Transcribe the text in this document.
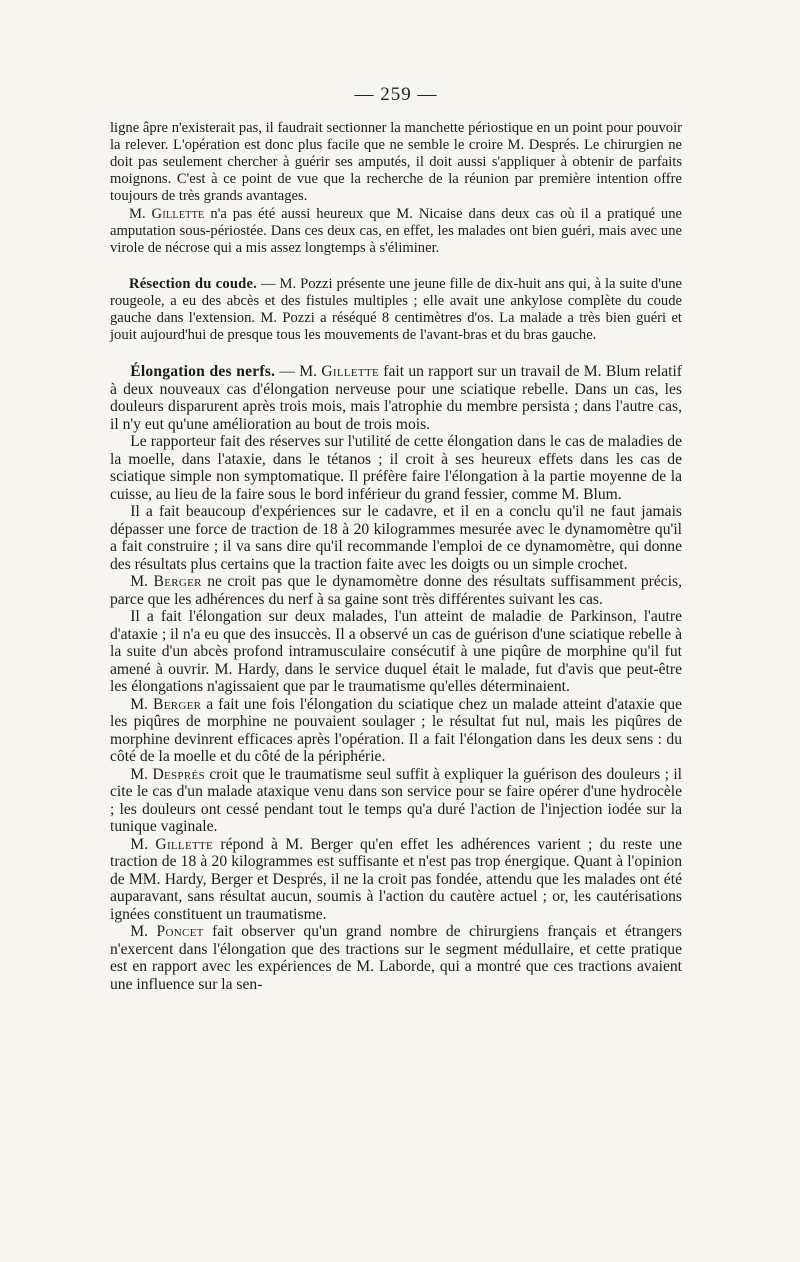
— 259 —

ligne âpre n'existerait pas, il faudrait sectionner la manchette périostique en un point pour pouvoir la relever. L'opération est donc plus facile que ne semble le croire M. Després. Le chirurgien ne doit pas seulement chercher à guérir ses amputés, il doit aussi s'appliquer à obtenir de parfaits moignons. C'est à ce point de vue que la recherche de la réunion par première intention offre toujours de très grands avantages.

M. Gillette n'a pas été aussi heureux que M. Nicaise dans deux cas où il a pratiqué une amputation sous-périostée. Dans ces deux cas, en effet, les malades ont bien guéri, mais avec une virole de nécrose qui a mis assez longtemps à s'éliminer.

Résection du coude. — M. Pozzi présente une jeune fille de dix-huit ans qui, à la suite d'une rougeole, a eu des abcès et des fistules multiples ; elle avait une ankylose complète du coude gauche dans l'extension. M. Pozzi a réséqué 8 centimètres d'os. La malade a très bien guéri et jouit aujourd'hui de presque tous les mouvements de l'avant-bras et du bras gauche.

Élongation des nerfs. — M. Gillette fait un rapport sur un travail de M. Blum relatif à deux nouveaux cas d'élongation nerveuse pour une sciatique rebelle. Dans un cas, les douleurs disparurent après trois mois, mais l'atrophie du membre persista ; dans l'autre cas, il n'y eut qu'une amélioration au bout de trois mois.

Le rapporteur fait des réserves sur l'utilité de cette élongation dans le cas de maladies de la moelle, dans l'ataxie, dans le tétanos ; il croit à ses heureux effets dans les cas de sciatique simple non symptomatique. Il préfère faire l'élongation à la partie moyenne de la cuisse, au lieu de la faire sous le bord inférieur du grand fessier, comme M. Blum.

Il a fait beaucoup d'expériences sur le cadavre, et il en a conclu qu'il ne faut jamais dépasser une force de traction de 18 à 20 kilogrammes mesurée avec le dynamomètre qu'il a fait construire ; il va sans dire qu'il recommande l'emploi de ce dynamomètre, qui donne des résultats plus certains que la traction faite avec les doigts ou un simple crochet.

M. Berger ne croit pas que le dynamomètre donne des résultats suffisamment précis, parce que les adhérences du nerf à sa gaine sont très différentes suivant les cas.

Il a fait l'élongation sur deux malades, l'un atteint de maladie de Parkinson, l'autre d'ataxie ; il n'a eu que des insuccès. Il a observé un cas de guérison d'une sciatique rebelle à la suite d'un abcès profond intramusculaire consécutif à une piqûre de morphine qu'il fut amené à ouvrir. M. Hardy, dans le service duquel était le malade, fut d'avis que peut-être les élongations n'agissaient que par le traumatisme qu'elles déterminaient.

M. Berger a fait une fois l'élongation du sciatique chez un malade atteint d'ataxie que les piqûres de morphine ne pouvaient soulager ; le résultat fut nul, mais les piqûres de morphine devinrent efficaces après l'opération. Il a fait l'élongation dans les deux sens : du côté de la moelle et du côté de la périphérie.

M. Després croit que le traumatisme seul suffit à expliquer la guérison des douleurs ; il cite le cas d'un malade ataxique venu dans son service pour se faire opérer d'une hydrocèle ; les douleurs ont cessé pendant tout le temps qu'a duré l'action de l'injection iodée sur la tunique vaginale.

M. Gillette répond à M. Berger qu'en effet les adhérences varient ; du reste une traction de 18 à 20 kilogrammes est suffisante et n'est pas trop énergique. Quant à l'opinion de MM. Hardy, Berger et Després, il ne la croit pas fondée, attendu que les malades ont été auparavant, sans résultat aucun, soumis à l'action du cautère actuel ; or, les cautérisations ignées constituent un traumatisme.

M. Poncet fait observer qu'un grand nombre de chirurgiens français et étrangers n'exercent dans l'élongation que des tractions sur le segment médullaire, et cette pratique est en rapport avec les expériences de M. Laborde, qui a montré que ces tractions avaient une influence sur la sen-
